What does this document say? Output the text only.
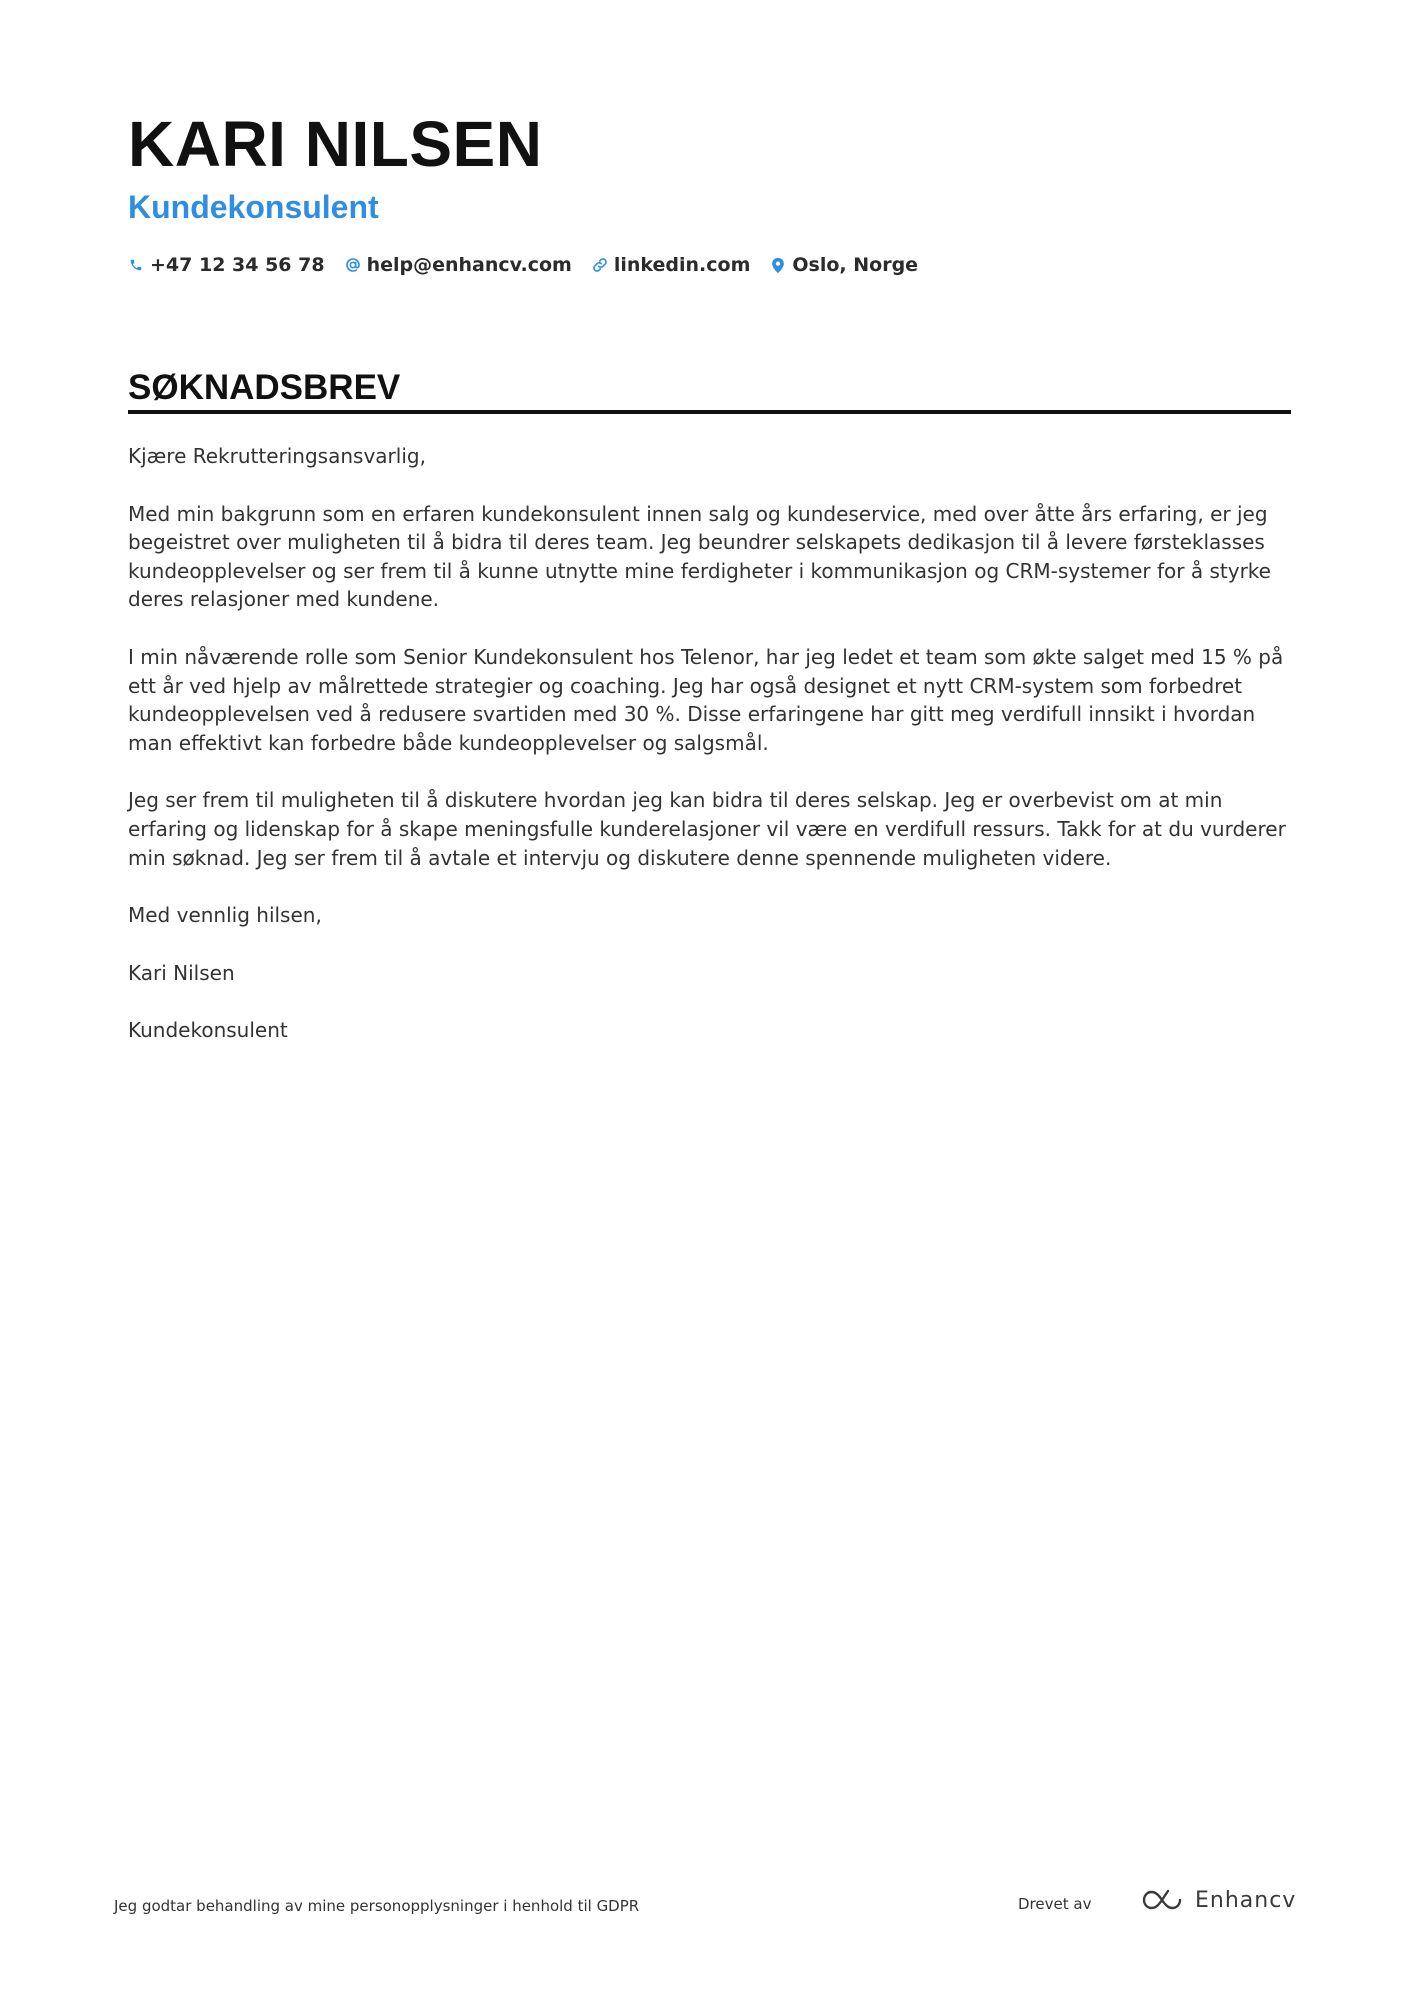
KARI NILSEN
Kundekonsulent
+47 12 34 56 78 help@enhancv.com linkedin.com Oslo, Norge
SØKNADSBREV

Kjære Rekrutteringsansvarlig,

Med min bakgrunn som en erfaren kundekonsulent innen salg og kundeservice, med over åtte års erfaring, er jeg begeistret over muligheten til å bidra til deres team. Jeg beundrer selskapets dedikasjon til å levere førsteklasses kundeopplevelser og ser frem til å kunne utnytte mine ferdigheter i kommunikasjon og CRM-systemer for å styrke deres relasjoner med kundene.

I min nåværende rolle som Senior Kundekonsulent hos Telenor, har jeg ledet et team som økte salget med 15 % på ett år ved hjelp av målrettede strategier og coaching. Jeg har også designet et nytt CRM-system som forbedret kundeopplevelsen ved å redusere svartiden med 30 %. Disse erfaringene har gitt meg verdifull innsikt i hvordan man effektivt kan forbedre både kundeopplevelser og salgsmål.

Jeg ser frem til muligheten til å diskutere hvordan jeg kan bidra til deres selskap. Jeg er overbevist om at min erfaring og lidenskap for å skape meningsfulle kunderelasjoner vil være en verdifull ressurs. Takk for at du vurderer min søknad. Jeg ser frem til å avtale et intervju og diskutere denne spennende muligheten videre.

Med vennlig hilsen,

Kari Nilsen

Kundekonsulent

Jeg godtar behandling av mine personopplysninger i henhold til GDPR	Drevet av	Enhancv
